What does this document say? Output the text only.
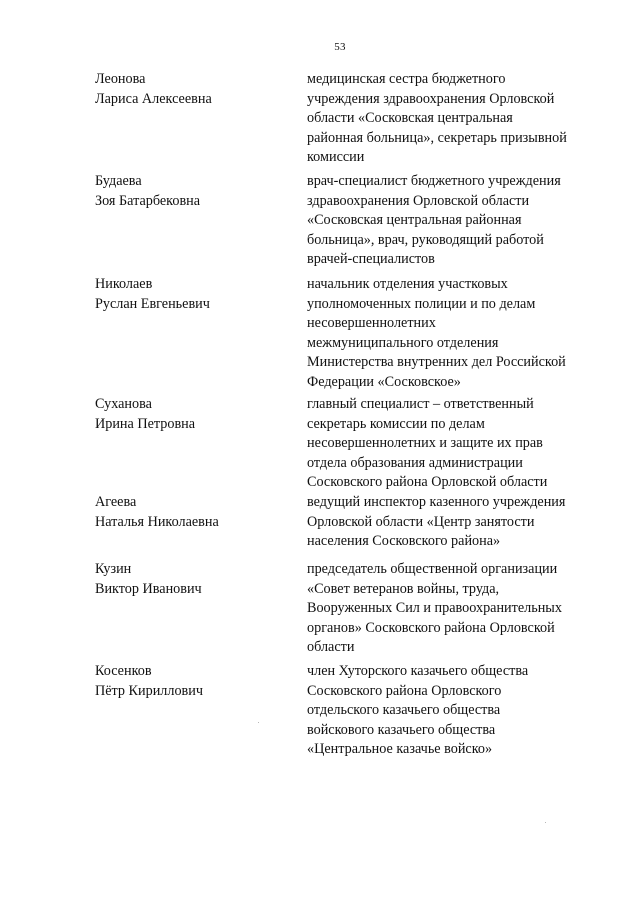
53
Леонова
Лариса Алексеевна
медицинская сестра бюджетного
учреждения здравоохранения Орловской
области «Сосковская центральная
районная больница», секретарь призывной
комиссии
Будаева
Зоя Батарбековна
врач-специалист бюджетного учреждения
здравоохранения Орловской области
«Сосковская центральная районная
больница», врач, руководящий работой
врачей-специалистов
Николаев
Руслан Евгеньевич
начальник отделения участковых
уполномоченных полиции и по делам
несовершеннолетних
межмуниципального отделения
Министерства внутренних дел Российской
Федерации «Сосковское»
Суханова
Ирина Петровна
главный специалист – ответственный
секретарь комиссии по делам
несовершеннолетних и защите их прав
отдела образования администрации
Сосковского района Орловской области
Агеева
Наталья Николаевна
ведущий инспектор казенного учреждения
Орловской области «Центр занятости
населения Сосковского района»
Кузин
Виктор Иванович
председатель общественной организации
«Совет ветеранов войны, труда,
Вооруженных Сил и правоохранительных
органов» Сосковского района Орловской
области
Косенков
Пётр Кириллович
член Хуторского казачьего общества
Сосковского района Орловского
отдельского казачьего общества
войскового казачьего общества
«Центральное казачье войско»
